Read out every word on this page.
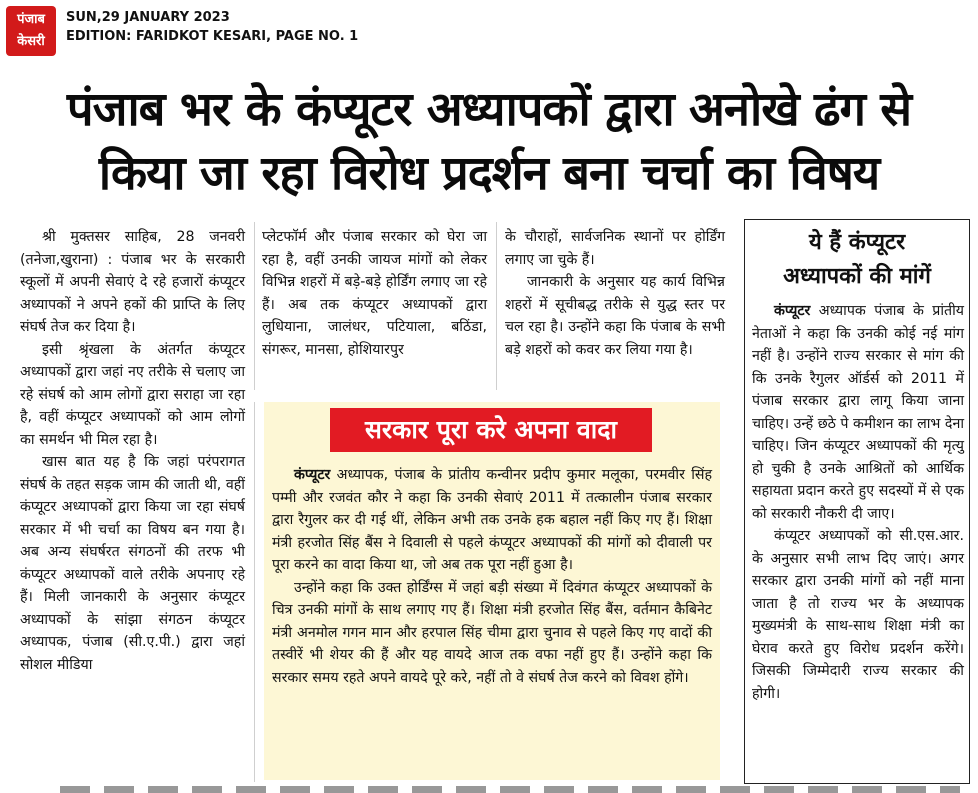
पंजाब
केसरी
SUN,29 JANUARY 2023
EDITION: FARIDKOT KESARI, PAGE NO. 1
पंजाब भर के कंप्यूटर अध्यापकों द्वारा अनोखे ढंग से
किया जा रहा विरोध प्रदर्शन बना चर्चा का विषय

श्री मुक्तसर साहिब, 28 जनवरी (तनेजा,खुराना) : पंजाब भर के सरकारी स्कूलों में अपनी सेवाएं दे रहे हजारों कंप्यूटर अध्यापकों ने अपने हकों की प्राप्ति के लिए संघर्ष तेज कर दिया है।

इसी श्रृंखला के अंतर्गत कंप्यूटर अध्यापकों द्वारा जहां नए तरीके से चलाए जा रहे संघर्ष को आम लोगों द्वारा सराहा जा रहा है, वहीं कंप्यूटर अध्यापकों को आम लोगों का समर्थन भी मिल रहा है।

खास बात यह है कि जहां परंपरागत संघर्ष के तहत सड़क जाम की जाती थी, वहीं कंप्यूटर अध्यापकों द्वारा किया जा रहा संघर्ष सरकार में भी चर्चा का विषय बन गया है। अब अन्य संघर्षरत संगठनों की तरफ भी कंप्यूटर अध्यापकों वाले तरीके अपनाए रहे हैं। मिली जानकारी के अनुसार कंप्यूटर अध्यापकों के सांझा संगठन कंप्यूटर अध्यापक, पंजाब (सी.ए.पी.) द्वारा जहां सोशल मीडिया

प्लेटफॉर्म और पंजाब सरकार को घेरा जा रहा है, वहीं उनकी जायज मांगों को लेकर विभिन्न शहरों में बड़े-बड़े होर्डिंग लगाए जा रहे हैं। अब तक कंप्यूटर अध्यापकों द्वारा लुधियाना, जालंधर, पटियाला, बठिंडा, संगरूर, मानसा, होशियारपुर

के चौराहों, सार्वजनिक स्थानों पर होर्डिंग लगाए जा चुके हैं।

जानकारी के अनुसार यह कार्य विभिन्न शहरों में सूचीबद्ध तरीके से युद्ध स्तर पर चल रहा है। उन्होंने कहा कि पंजाब के सभी बड़े शहरों को कवर कर लिया गया है।

सरकार पूरा करे अपना वादा

कंप्यूटर अध्यापक, पंजाब के प्रांतीय कन्वीनर प्रदीप कुमार मलूका, परमवीर सिंह पम्मी और रजवंत कौर ने कहा कि उनकी सेवाएं 2011 में तत्कालीन पंजाब सरकार द्वारा रैगुलर कर दी गई थीं, लेकिन अभी तक उनके हक बहाल नहीं किए गए हैं। शिक्षा मंत्री हरजोत सिंह बैंस ने दिवाली से पहले कंप्यूटर अध्यापकों की मांगों को दीवाली पर पूरा करने का वादा किया था, जो अब तक पूरा नहीं हुआ है।

उन्होंने कहा कि उक्त होर्डिंग्स में जहां बड़ी संख्या में दिवंगत कंप्यूटर अध्यापकों के चित्र उनकी मांगों के साथ लगाए गए हैं। शिक्षा मंत्री हरजोत सिंह बैंस, वर्तमान कैबिनेट मंत्री अनमोल गगन मान और हरपाल सिंह चीमा द्वारा चुनाव से पहले किए गए वादों की तस्वीरें भी शेयर की हैं और यह वायदे आज तक वफा नहीं हुए हैं। उन्होंने कहा कि सरकार समय रहते अपने वायदे पूरे करे, नहीं तो वे संघर्ष तेज करने को विवश होंगे।

ये हैं कंप्यूटर
अध्यापकों की मांगें

कंप्यूटर अध्यापक पंजाब के प्रांतीय नेताओं ने कहा कि उनकी कोई नई मांग नहीं है। उन्होंने राज्य सरकार से मांग की कि उनके रैगुलर ऑर्डर्स को 2011 में पंजाब सरकार द्वारा लागू किया जाना चाहिए। उन्हें छठे पे कमीशन का लाभ देना चाहिए। जिन कंप्यूटर अध्यापकों की मृत्यु हो चुकी है उनके आश्रितों को आर्थिक सहायता प्रदान करते हुए सदस्यों में से एक को सरकारी नौकरी दी जाए।

कंप्यूटर अध्यापकों को सी.एस.आर. के अनुसार सभी लाभ दिए जाएं। अगर सरकार द्वारा उनकी मांगों को नहीं माना जाता है तो राज्य भर के अध्यापक मुख्यमंत्री के साथ-साथ शिक्षा मंत्री का घेराव करते हुए विरोध प्रदर्शन करेंगे। जिसकी जिम्मेदारी राज्य सरकार की होगी।
